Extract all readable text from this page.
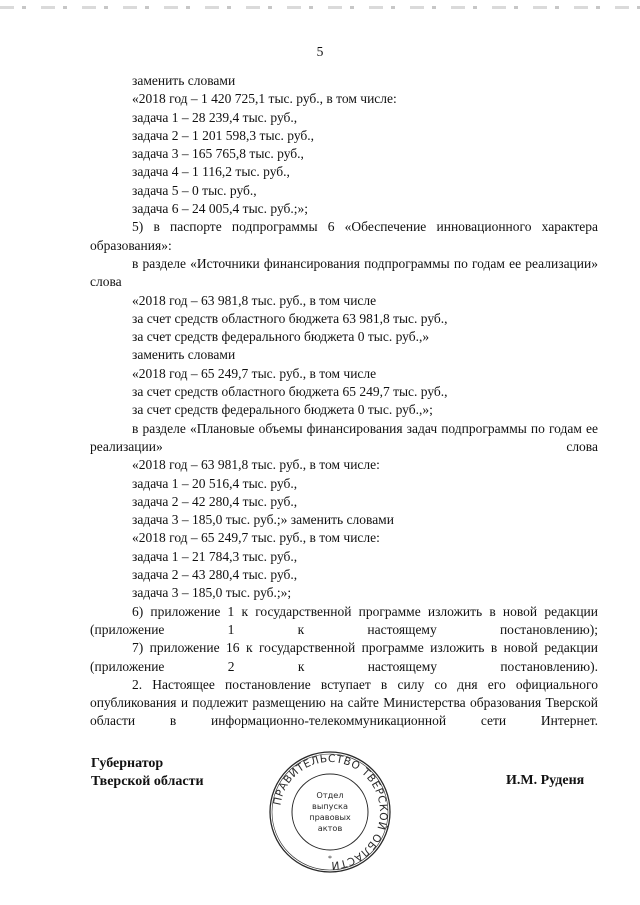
5
заменить словами
«2018 год – 1 420 725,1 тыс. руб., в том числе:
задача 1 – 28 239,4 тыс. руб.,
задача 2 – 1 201 598,3 тыс. руб.,
задача 3 – 165 765,8 тыс. руб.,
задача 4 – 1 116,2 тыс. руб.,
задача 5 – 0 тыс. руб.,
задача 6 – 24 005,4 тыс. руб.;»;
5) в паспорте подпрограммы 6 «Обеспечение инновационного характера образования»:
в разделе «Источники финансирования подпрограммы по годам ее реализации» слова
«2018 год – 63 981,8 тыс. руб., в том числе
за счет средств областного бюджета 63 981,8 тыс. руб.,
за счет средств федерального бюджета 0 тыс. руб.,»
заменить словами
«2018 год – 65 249,7 тыс. руб., в том числе
за счет средств областного бюджета 65 249,7 тыс. руб.,
за счет средств федерального бюджета 0 тыс. руб.,»;
в разделе «Плановые объемы финансирования задач подпрограммы по годам ее реализации» слова
«2018 год – 63 981,8 тыс. руб., в том числе:
задача 1 – 20 516,4 тыс. руб.,
задача 2 – 42 280,4 тыс. руб.,
задача 3 – 185,0 тыс. руб.;» заменить словами
«2018 год – 65 249,7 тыс. руб., в том числе:
задача 1 – 21 784,3 тыс. руб.,
задача 2 – 43 280,4 тыс. руб.,
задача 3 – 185,0 тыс. руб.;»;
6) приложение 1 к государственной программе изложить в новой редакции (приложение 1 к настоящему постановлению);
7) приложение 16 к государственной программе изложить в новой редакции (приложение 2 к настоящему постановлению).
2. Настоящее постановление вступает в силу со дня его официального опубликования и подлежит размещению на сайте Министерства образования Тверской области в информационно-телекоммуникационной сети Интернет.
Губернатор
Тверской области
ПРАВИТЕЛЬСТВО ТВЕРСКОЙ ОБЛАСТИ
Отдел
выпуска
правовых
актов
*
И.М. Руденя
